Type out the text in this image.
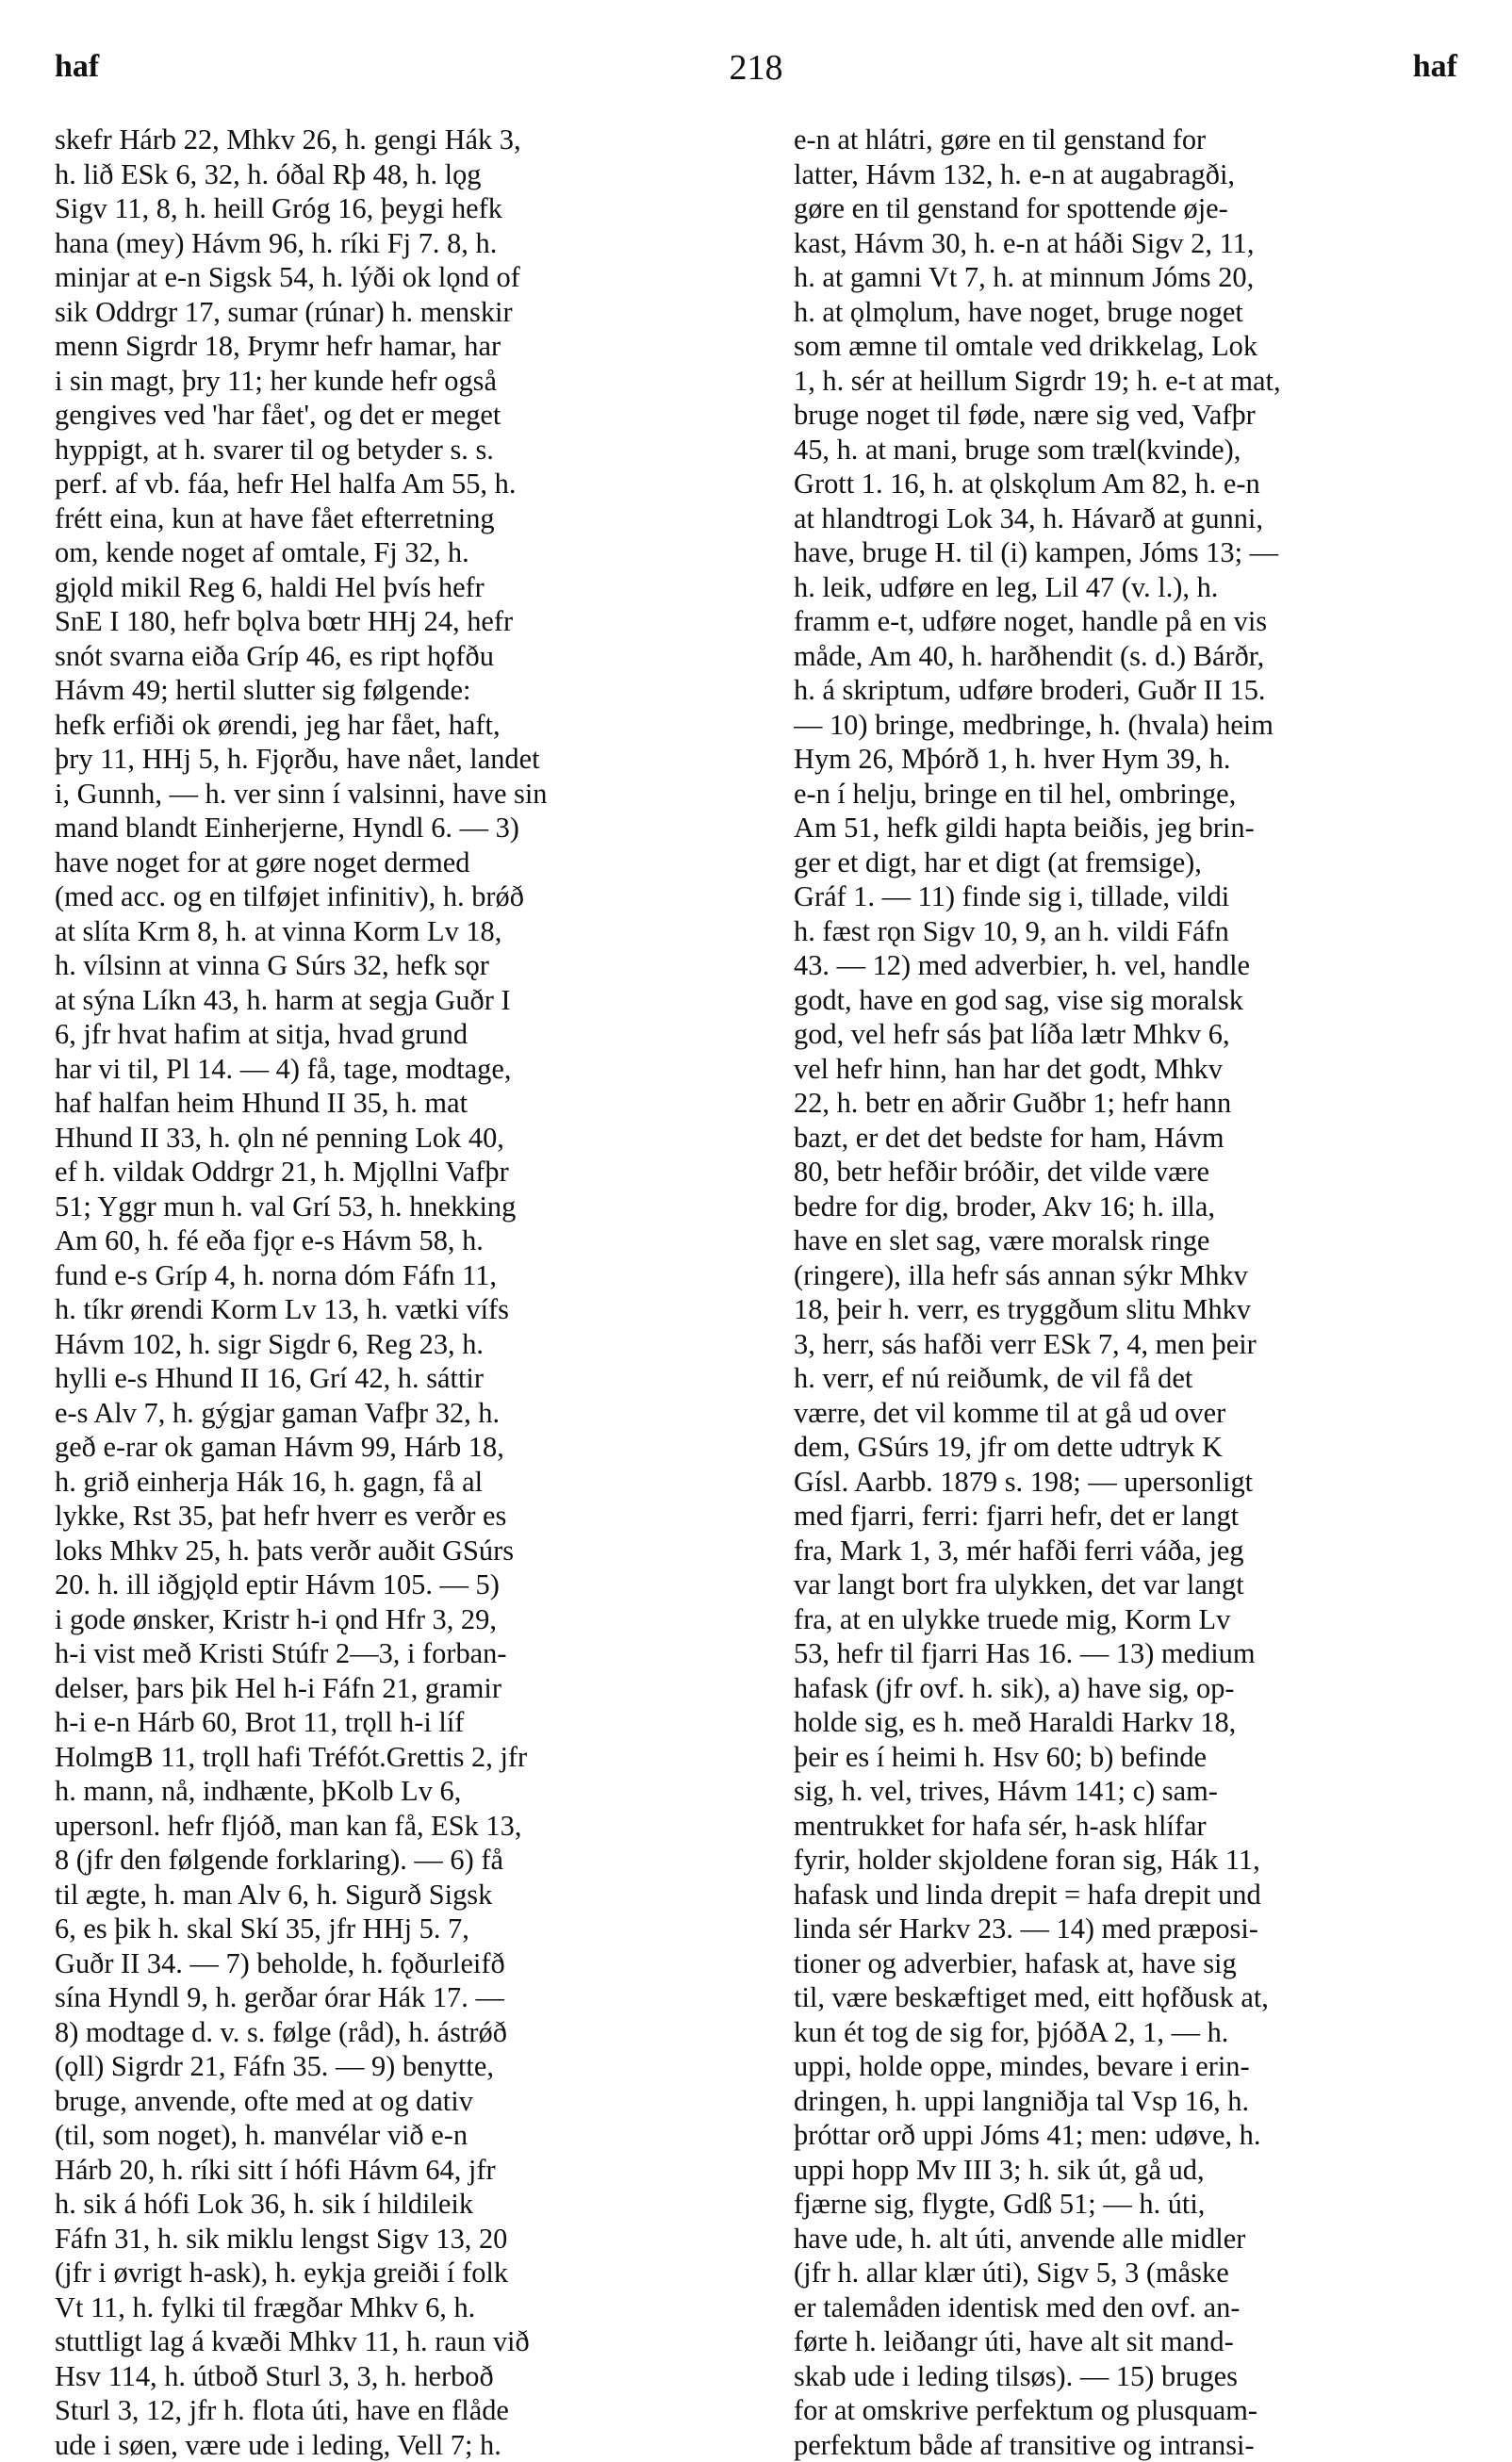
haf	218	haf
skefr Hárb 22, Mhkv 26, h. gengi Hák 3,
h. lið ESk 6, 32, h. óðal Rþ 48, h. lǫg
Sigv 11, 8, h. heill Gróg 16, þeygi hefk
hana (mey) Hávm 96, h. ríki Fj 7. 8, h.
minjar at e-n Sigsk 54, h. lýði ok lǫnd of
sik Oddrgr 17, sumar (rúnar) h. menskir
menn Sigrdr 18, Þrymr hefr hamar, har
i sin magt, þry 11; her kunde hefr også
gengives ved 'har fået', og det er meget
hyppigt, at h. svarer til og betyder s. s.
perf. af vb. fáa, hefr Hel halfa Am 55, h.
frétt eina, kun at have fået efterretning
om, kende noget af omtale, Fj 32, h.
gjǫld mikil Reg 6, haldi Hel þvís hefr
SnE I 180, hefr bǫlva bœtr HHj 24, hefr
snót svarna eiða Gríp 46, es ript hǫfðu
Hávm 49; hertil slutter sig følgende:
hefk erfiði ok ørendi, jeg har fået, haft,
þry 11, HHj 5, h. Fjǫrðu, have nået, landet
i, Gunnh, — h. ver sinn í valsinni, have sin
mand blandt Einherjerne, Hyndl 6. — 3)
have noget for at gøre noget dermed
(med acc. og en tilføjet infinitiv), h. brǿð
at slíta Krm 8, h. at vinna Korm Lv 18,
h. vílsinn at vinna G Súrs 32, hefk sǫr
at sýna Líkn 43, h. harm at segja Guðr I
6, jfr hvat hafim at sitja, hvad grund
har vi til, Pl 14. — 4) få, tage, modtage,
haf halfan heim Hhund II 35, h. mat
Hhund II 33, h. ǫln né penning Lok 40,
ef h. vildak Oddrgr 21, h. Mjǫllni Vafþr
51; Yggr mun h. val Grí 53, h. hnekking
Am 60, h. fé eða fjǫr e-s Hávm 58, h.
fund e-s Gríp 4, h. norna dóm Fáfn 11,
h. tíkr ørendi Korm Lv 13, h. vætki vífs
Hávm 102, h. sigr Sigdr 6, Reg 23, h.
hylli e-s Hhund II 16, Grí 42, h. sáttir
e-s Alv 7, h. gýgjar gaman Vafþr 32, h.
geð e-rar ok gaman Hávm 99, Hárb 18,
h. grið einherja Hák 16, h. gagn, få al
lykke, Rst 35, þat hefr hverr es verðr es
loks Mhkv 25, h. þats verðr auðit GSúrs
20. h. ill iðgjǫld eptir Hávm 105. — 5)
i gode ønsker, Kristr h-i ǫnd Hfr 3, 29,
h-i vist með Kristi Stúfr 2—3, i forban-
delser, þars þik Hel h-i Fáfn 21, gramir
h-i e-n Hárb 60, Brot 11, trǫll h-i líf
HolmgB 11, trǫll hafi Tréfót.Grettis 2, jfr
h. mann, nå, indhænte, þKolb Lv 6,
upersonl. hefr fljóð, man kan få, ESk 13,
8 (jfr den følgende forklaring). — 6) få
til ægte, h. man Alv 6, h. Sigurð Sigsk
6, es þik h. skal Skí 35, jfr HHj 5. 7,
Guðr II 34. — 7) beholde, h. fǫðurleifð
sína Hyndl 9, h. gerðar órar Hák 17. —
8) modtage d. v. s. følge (råd), h. ástrǿð
(ǫll) Sigrdr 21, Fáfn 35. — 9) benytte,
bruge, anvende, ofte med at og dativ
(til, som noget), h. manvélar við e-n
Hárb 20, h. ríki sitt í hófi Hávm 64, jfr
h. sik á hófi Lok 36, h. sik í hildileik
Fáfn 31, h. sik miklu lengst Sigv 13, 20
(jfr i øvrigt h-ask), h. eykja greiði í folk
Vt 11, h. fylki til frægðar Mhkv 6, h.
stuttligt lag á kvæði Mhkv 11, h. raun við
Hsv 114, h. útboð Sturl 3, 3, h. herboð
Sturl 3, 12, jfr h. flota úti, have en flåde
ude i søen, være ude i leding, Vell 7; h.
e-n at hlátri, gøre en til genstand for
latter, Hávm 132, h. e-n at augabragði,
gøre en til genstand for spottende øje-
kast, Hávm 30, h. e-n at háði Sigv 2, 11,
h. at gamni Vt 7, h. at minnum Jóms 20,
h. at ǫlmǫlum, have noget, bruge noget
som æmne til omtale ved drikkelag, Lok
1, h. sér at heillum Sigrdr 19; h. e-t at mat,
bruge noget til føde, nære sig ved, Vafþr
45, h. at mani, bruge som træl(kvinde),
Grott 1. 16, h. at ǫlskǫlum Am 82, h. e-n
at hlandtrogi Lok 34, h. Hávarð at gunni,
have, bruge H. til (i) kampen, Jóms 13; —
h. leik, udføre en leg, Lil 47 (v. l.), h.
framm e-t, udføre noget, handle på en vis
måde, Am 40, h. harðhendit (s. d.) Bárðr,
h. á skriptum, udføre broderi, Guðr II 15.
— 10) bringe, medbringe, h. (hvala) heim
Hym 26, Mþórð 1, h. hver Hym 39, h.
e-n í helju, bringe en til hel, ombringe,
Am 51, hefk gildi hapta beiðis, jeg brin-
ger et digt, har et digt (at fremsige),
Gráf 1. — 11) finde sig i, tillade, vildi
h. fæst rǫn Sigv 10, 9, an h. vildi Fáfn
43. — 12) med adverbier, h. vel, handle
godt, have en god sag, vise sig moralsk
god, vel hefr sás þat líða lætr Mhkv 6,
vel hefr hinn, han har det godt, Mhkv
22, h. betr en aðrir Guðbr 1; hefr hann
bazt, er det det bedste for ham, Hávm
80, betr hefðir bróðir, det vilde være
bedre for dig, broder, Akv 16; h. illa,
have en slet sag, være moralsk ringe
(ringere), illa hefr sás annan sýkr Mhkv
18, þeir h. verr, es tryggðum slitu Mhkv
3, herr, sás hafði verr ESk 7, 4, men þeir
h. verr, ef nú reiðumk, de vil få det
værre, det vil komme til at gå ud over
dem, GSúrs 19, jfr om dette udtryk K
Gísl. Aarbb. 1879 s. 198; — upersonligt
med fjarri, ferri: fjarri hefr, det er langt
fra, Mark 1, 3, mér hafði ferri váða, jeg
var langt bort fra ulykken, det var langt
fra, at en ulykke truede mig, Korm Lv
53, hefr til fjarri Has 16. — 13) medium
hafask (jfr ovf. h. sik), a) have sig, op-
holde sig, es h. með Haraldi Harkv 18,
þeir es í heimi h. Hsv 60; b) befinde
sig, h. vel, trives, Hávm 141; c) sam-
mentrukket for hafa sér, h-ask hlífar
fyrir, holder skjoldene foran sig, Hák 11,
hafask und linda drepit = hafa drepit und
linda sér Harkv 23. — 14) med præposi-
tioner og adverbier, hafask at, have sig
til, være beskæftiget med, eitt hǫfðusk at,
kun ét tog de sig for, þjóðA 2, 1, — h.
uppi, holde oppe, mindes, bevare i erin-
dringen, h. uppi langniðja tal Vsp 16, h.
þróttar orð uppi Jóms 41; men: udøve, h.
uppi hopp Mv III 3; h. sik út, gå ud,
fjærne sig, flygte, Gdß 51; — h. úti,
have ude, h. alt úti, anvende alle midler
(jfr h. allar klær úti), Sigv 5, 3 (måske
er talemåden identisk med den ovf. an-
førte h. leiðangr úti, have alt sit mand-
skab ude i leding tilsøs). — 15) bruges
for at omskrive perfektum og plusquam-
perfektum både af transitive og intransi-
